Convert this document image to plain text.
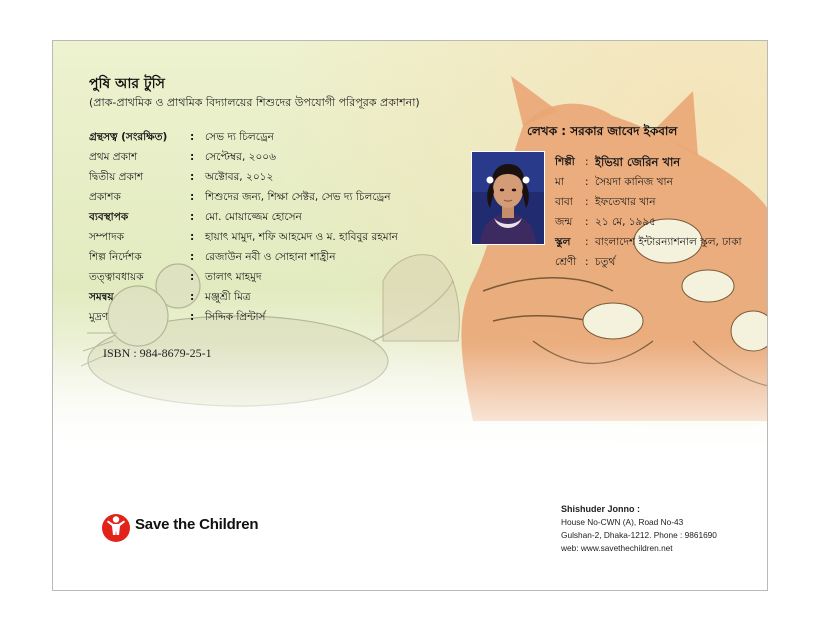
পুষি আর টুসি
(প্রাক-প্রাথমিক ও প্রাথমিক বিদ্যালয়ের শিশুদের উপযোগী পরিপূরক প্রকাশনা)
গ্রন্থসত্ব (সংরক্ষিত) : সেভ দ্য চিলড্রেন
প্রথম প্রকাশ	: সেপ্টেম্বর, ২০০৬
দ্বিতীয় প্রকাশ	: অক্টোবর, ২০১২
প্রকাশক	: শিশুদের জন্য, শিক্ষা সেক্টর, সেভ দ্য চিলড্রেন
ব্যবস্থাপক	: মো. মোয়াজ্জেম হোসেন
সম্পাদক	: হায়াৎ মামুদ, শফি আহমেদ ও ম. হাবিবুর রহমান
শিল্প নির্দেশক	: রেজাউন নবী ও সোহানা শাহ্রীন
তত্ত্বাবধায়ক	: তালাৎ মাহমুদ
সমন্বয়	: মঞ্জুশ্রী মিত্র
মুদ্রণ	: সিদ্দিক প্রিন্টার্স
ISBN : 984-8679-25-1
লেখক : সরকার জাবেদ ইকবাল
শিল্পী : ইভিয়া জেরিন খান
মা : সৈয়দা কানিজ খান
বাবা : ইফতেখার খান
জন্ম : ২১ মে, ১৯৯৫
স্কুল : বাংলাদেশ ইন্টারন্যাশনাল স্কুল, ঢাকা
শ্রেণী : চতুর্থ
Save the Children
Shishuder Jonno :
House No-CWN (A), Road No-43
Gulshan-2, Dhaka-1212. Phone : 9861690
web: www.savethechildren.net
